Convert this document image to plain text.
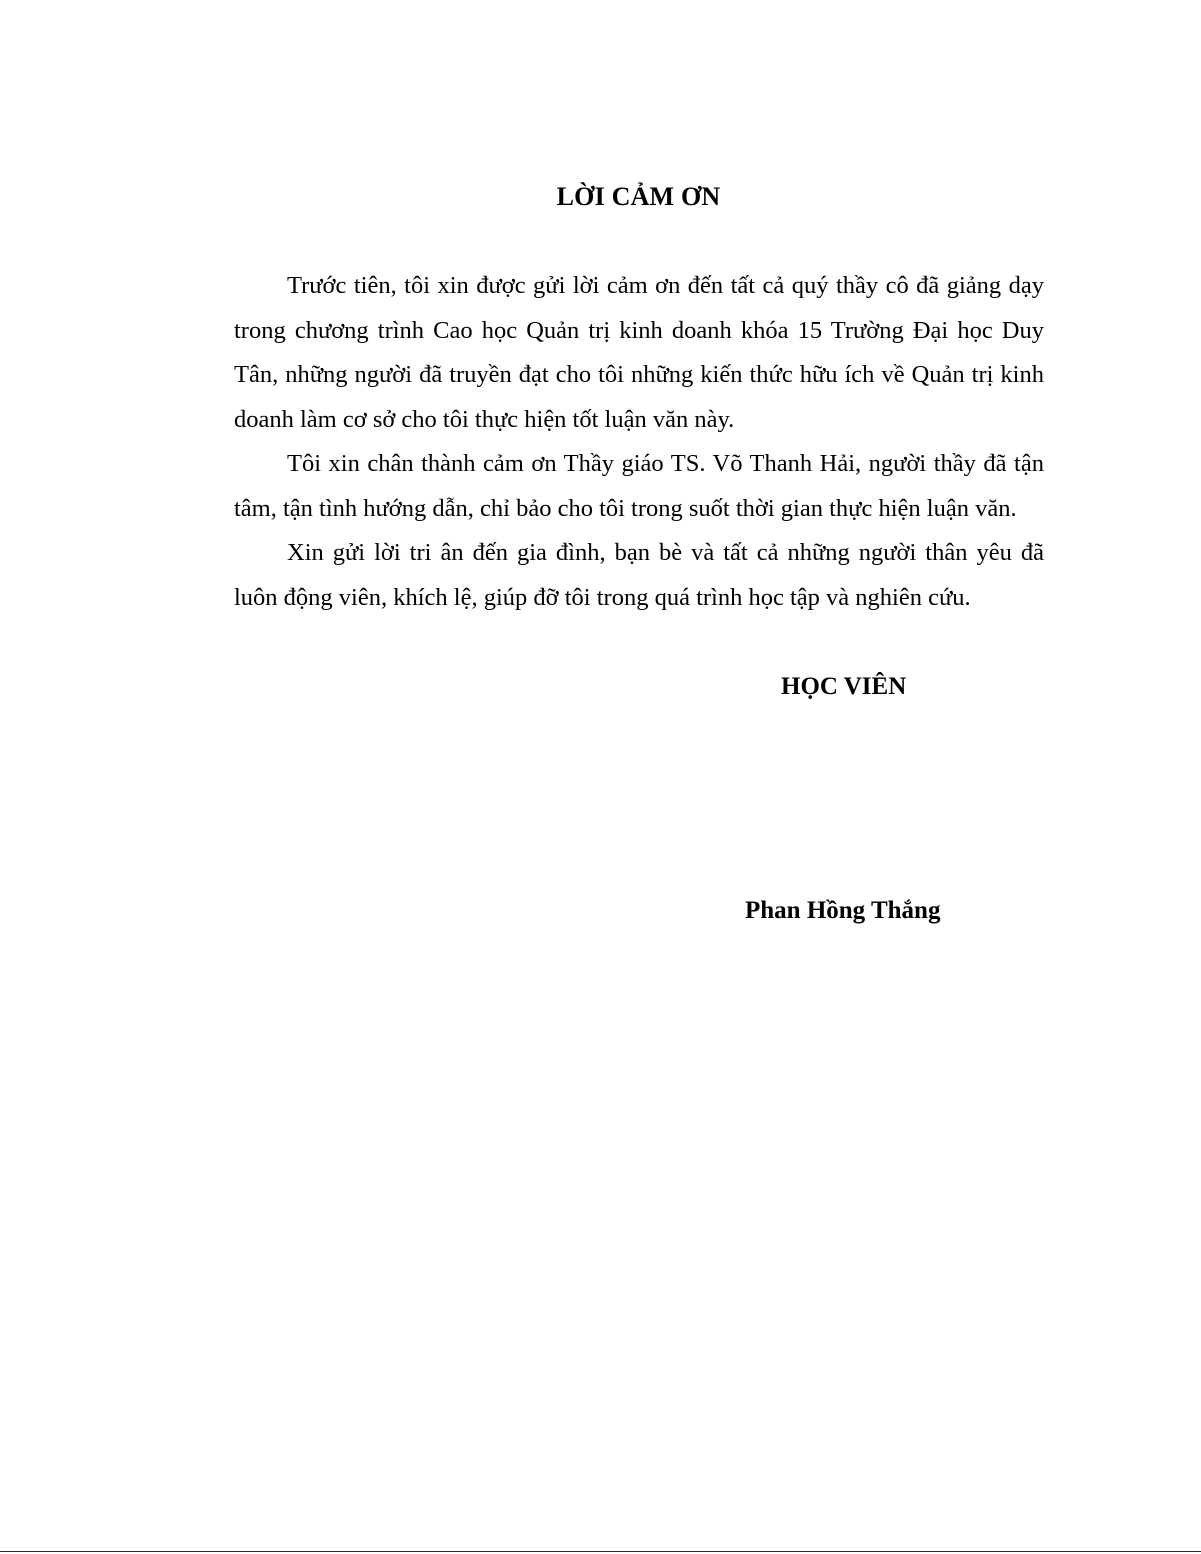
LỜI CẢM ƠN

Trước tiên, tôi xin được gửi lời cảm ơn đến tất cả quý thầy cô đã giảng dạy trong chương trình Cao học Quản trị kinh doanh khóa 15 Trường Đại học Duy Tân, những người đã truyền đạt cho tôi những kiến thức hữu ích về Quản trị kinh doanh làm cơ sở cho tôi thực hiện tốt luận văn này.

Tôi xin chân thành cảm ơn Thầy giáo TS. Võ Thanh Hải, người thầy đã tận tâm, tận tình hướng dẫn, chỉ bảo cho tôi trong suốt thời gian thực hiện luận văn.

Xin gửi lời tri ân đến gia đình, bạn bè và tất cả những người thân yêu đã luôn động viên, khích lệ, giúp đỡ tôi trong quá trình học tập và nghiên cứu.

HỌC VIÊN
Phan Hồng Thắng
